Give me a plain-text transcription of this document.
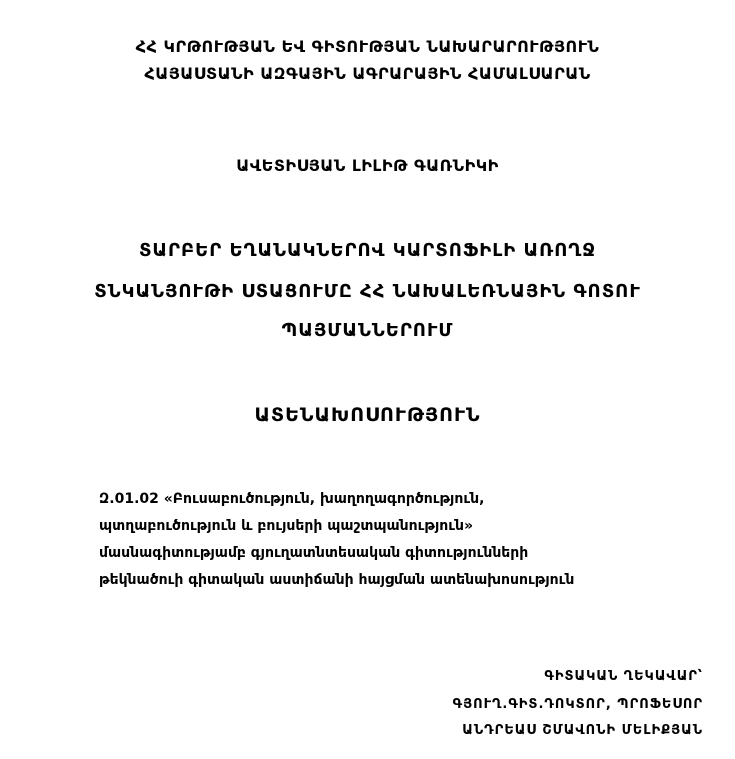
ՀՀ ԿՐԹՈՒԹՅԱՆ ԵՎ ԳԻՏՈՒԹՅԱՆ ՆԱԽԱՐԱՐՈՒԹՅՈՒՆ
ՀԱՅԱՍՏԱՆԻ ԱԶԳԱՅԻՆ ԱԳՐԱՐԱՅԻՆ ՀԱՄԱԼՍԱՐԱՆ
ԱՎԵՏԻՍՅԱՆ ԼԻԼԻԹ ԳԱՌՆԻԿԻ
ՏԱՐԲԵՐ ԵՂԱՆԱԿՆԵՐՈՎ ԿԱՐՏՈՖԻԼԻ ԱՌՈՂՋ
ՏՆԿԱՆՅՈՒԹԻ ՍՏԱՑՈՒՄԸ ՀՀ ՆԱԽԱԼԵՌՆԱՅԻՆ ԳՈՏՈՒ
ՊԱՅՄԱՆՆԵՐՈՒՄ
ԱՏԵՆԱԽՈՍՈՒԹՅՈՒՆ
Զ.01.02 «Բուսաբուծություն, խաղողագործություն,
պտղաբուծություն և բույսերի պաշտպանություն»
մասնագիտությամբ գյուղատնտեսական գիտությունների
թեկնածուի գիտական աստիճանի հայցման ատենախոսություն
ԳԻՏԱԿԱՆ ՂԵԿԱՎԱՐ՝
ԳՅՈՒՂ.ԳԻՏ.ԴՈԿՏՈՐ, ՊՐՈՖԵՍՈՐ
ԱՆԴՐԵԱՍ ՇՄԱՎՈՆԻ ՄԵԼԻՔՅԱՆ
